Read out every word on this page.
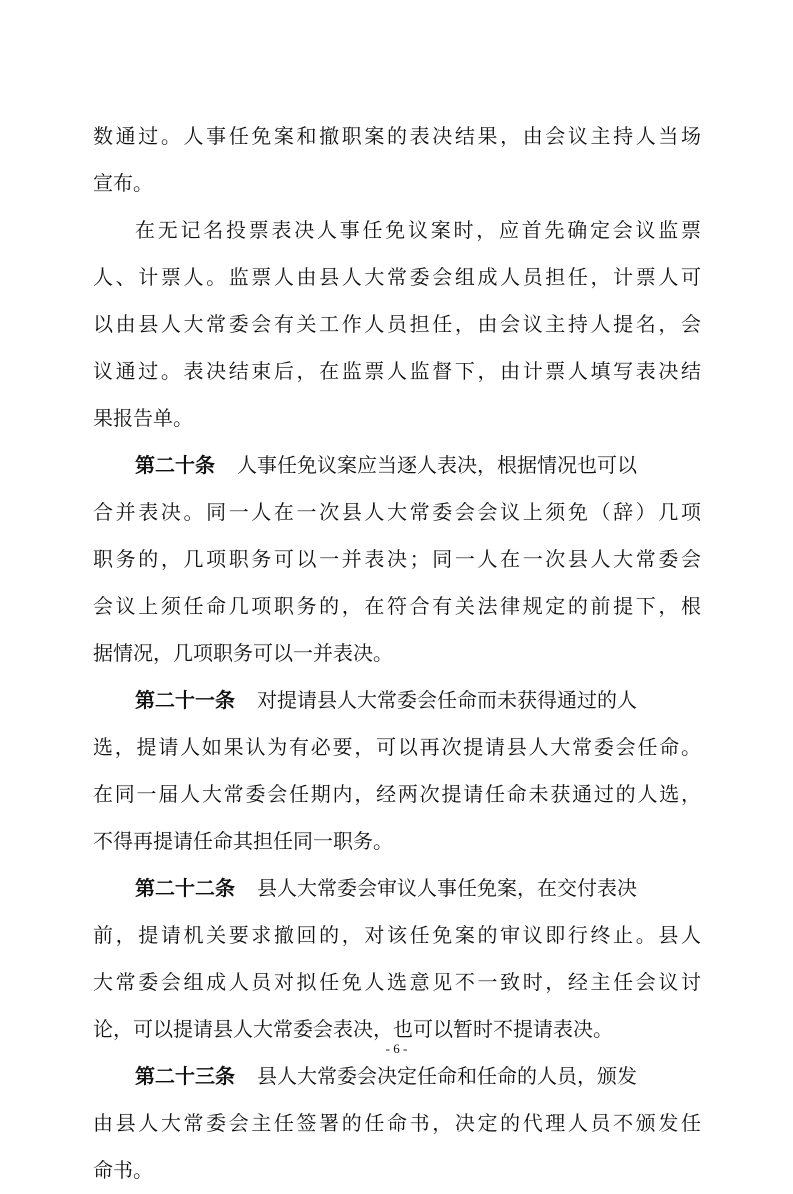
数通过。人事任免案和撤职案的表决结果，由会议主持人当场
宣布。
在无记名投票表决人事任免议案时，应首先确定会议监票
人、计票人。监票人由县人大常委会组成人员担任，计票人可
以由县人大常委会有关工作人员担任，由会议主持人提名，会
议通过。表决结束后，在监票人监督下，由计票人填写表决结
果报告单。
第二十条 人事任免议案应当逐人表决，根据情况也可以
合并表决。同一人在一次县人大常委会会议上须免（辞）几项
职务的，几项职务可以一并表决；同一人在一次县人大常委会
会议上须任命几项职务的，在符合有关法律规定的前提下，根
据情况，几项职务可以一并表决。
第二十一条 对提请县人大常委会任命而未获得通过的人
选，提请人如果认为有必要，可以再次提请县人大常委会任命。
在同一届人大常委会任期内，经两次提请任命未获通过的人选，
不得再提请任命其担任同一职务。
第二十二条 县人大常委会审议人事任免案，在交付表决
前，提请机关要求撤回的，对该任免案的审议即行终止。县人
大常委会组成人员对拟任免人选意见不一致时，经主任会议讨
论，可以提请县人大常委会表决，也可以暂时不提请表决。
第二十三条 县人大常委会决定任命和任命的人员，颁发
由县人大常委会主任签署的任命书，决定的代理人员不颁发任
命书。
- 6 -
